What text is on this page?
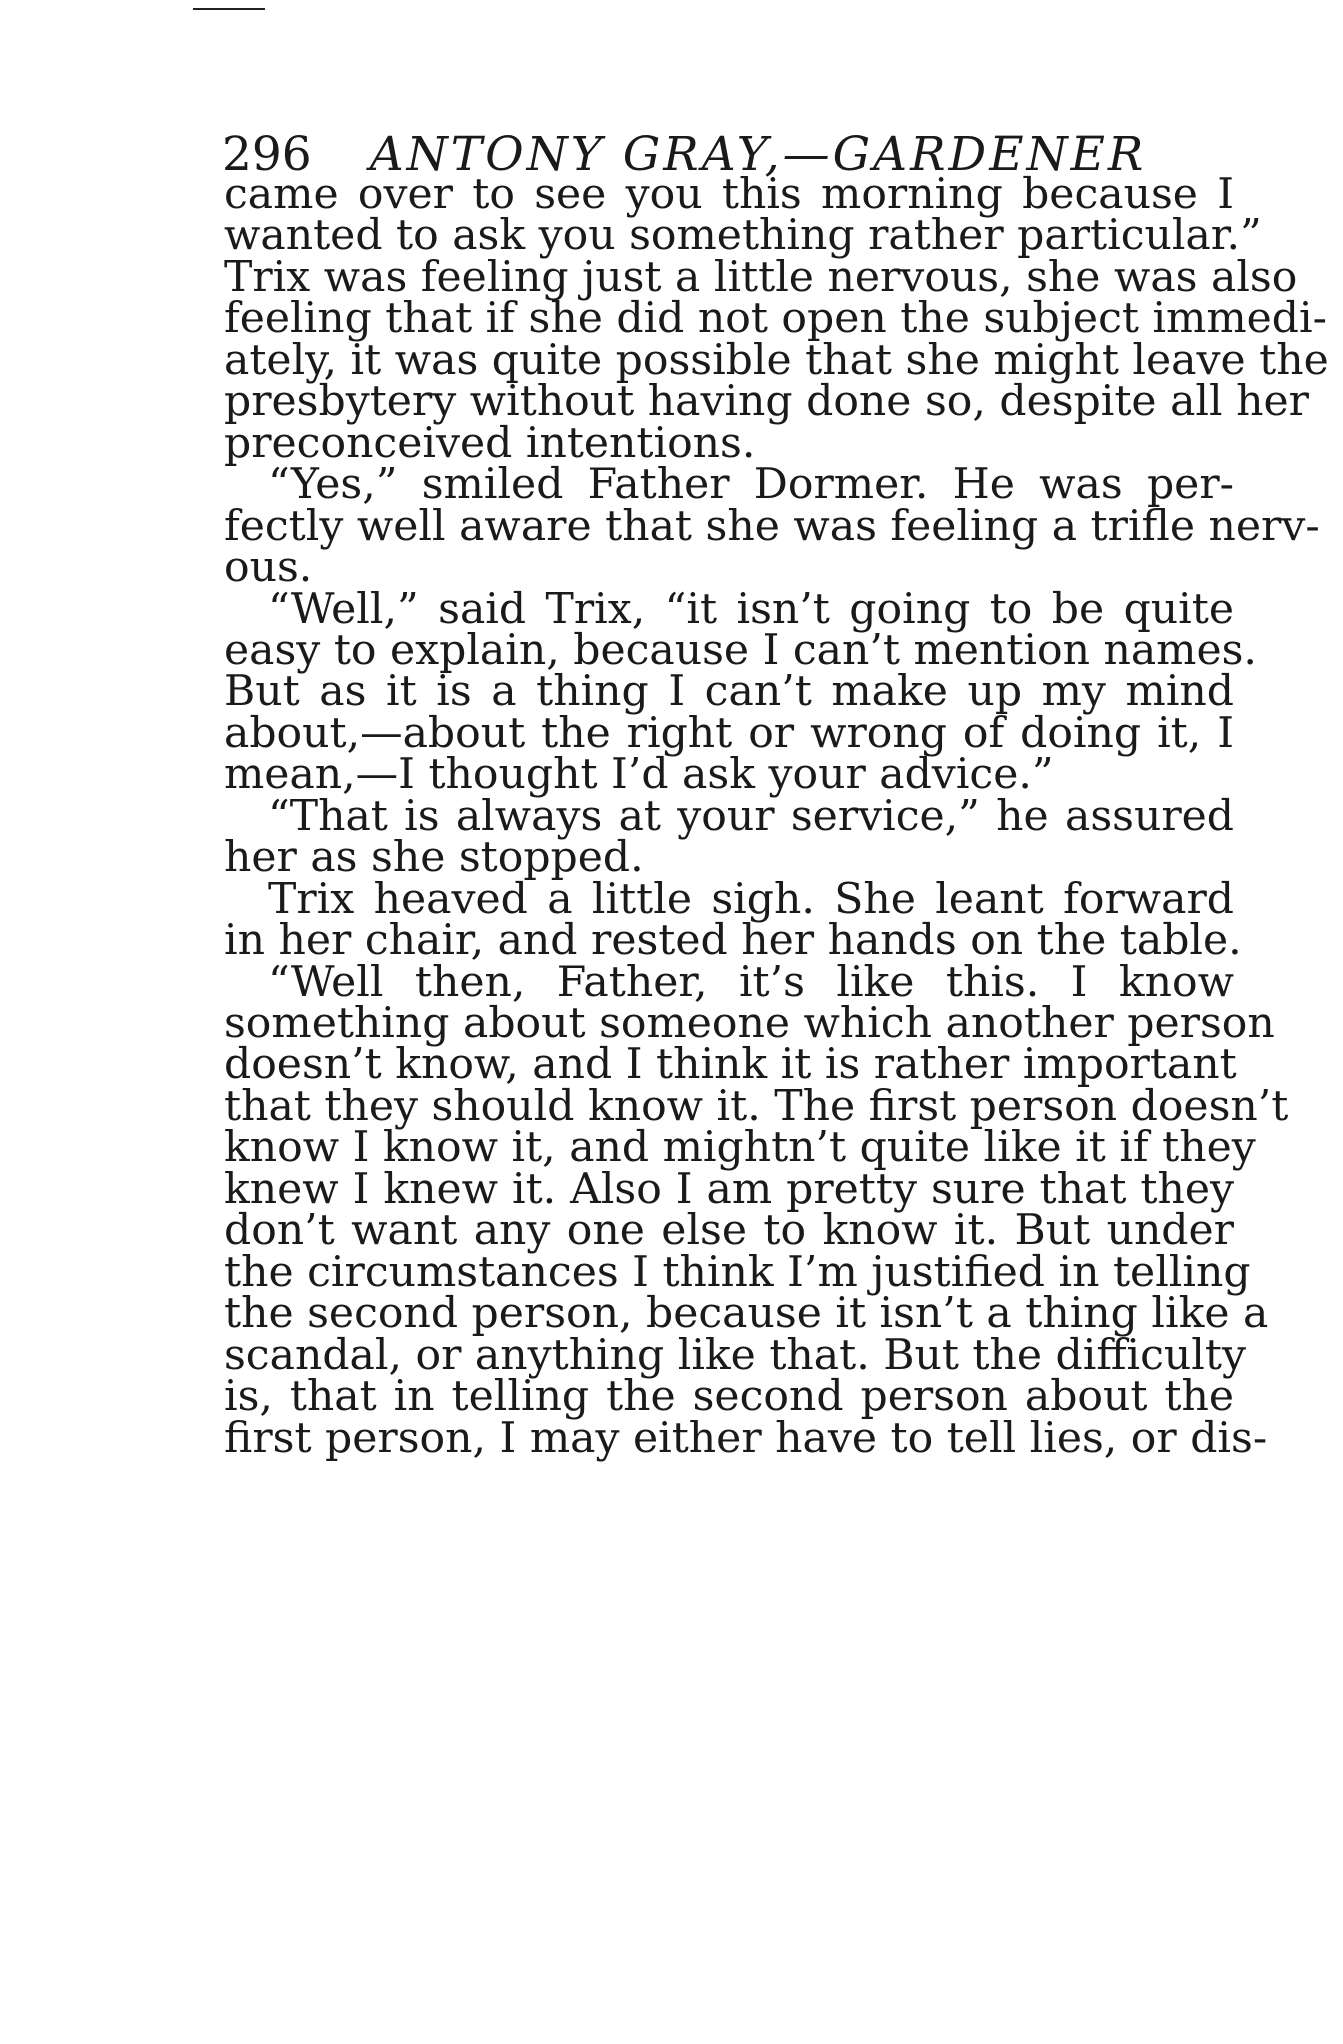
296 ANTONY GRAY,—GARDENER
came over to see you this morning because I
wanted to ask you something rather particular.”
Trix was feeling just a little nervous, she was also
feeling that if she did not open the subject immedi-
ately, it was quite possible that she might leave the
presbytery without having done so, despite all her
preconceived intentions.
“Yes,” smiled Father Dormer. He was per-
fectly well aware that she was feeling a trifle nerv-
ous.
“Well,” said Trix, “it isn’t going to be quite
easy to explain, because I can’t mention names.
But as it is a thing I can’t make up my mind
about,—about the right or wrong of doing it, I
mean,—I thought I’d ask your advice.”
“That is always at your service,” he assured
her as she stopped.
Trix heaved a little sigh. She leant forward
in her chair, and rested her hands on the table.
“Well then, Father, it’s like this. I know
something about someone which another person
doesn’t know, and I think it is rather important
that they should know it. The first person doesn’t
know I know it, and mightn’t quite like it if they
knew I knew it. Also I am pretty sure that they
don’t want any one else to know it. But under
the circumstances I think I’m justified in telling
the second person, because it isn’t a thing like a
scandal, or anything like that. But the difficulty
is, that in telling the second person about the
first person, I may either have to tell lies, or dis-
